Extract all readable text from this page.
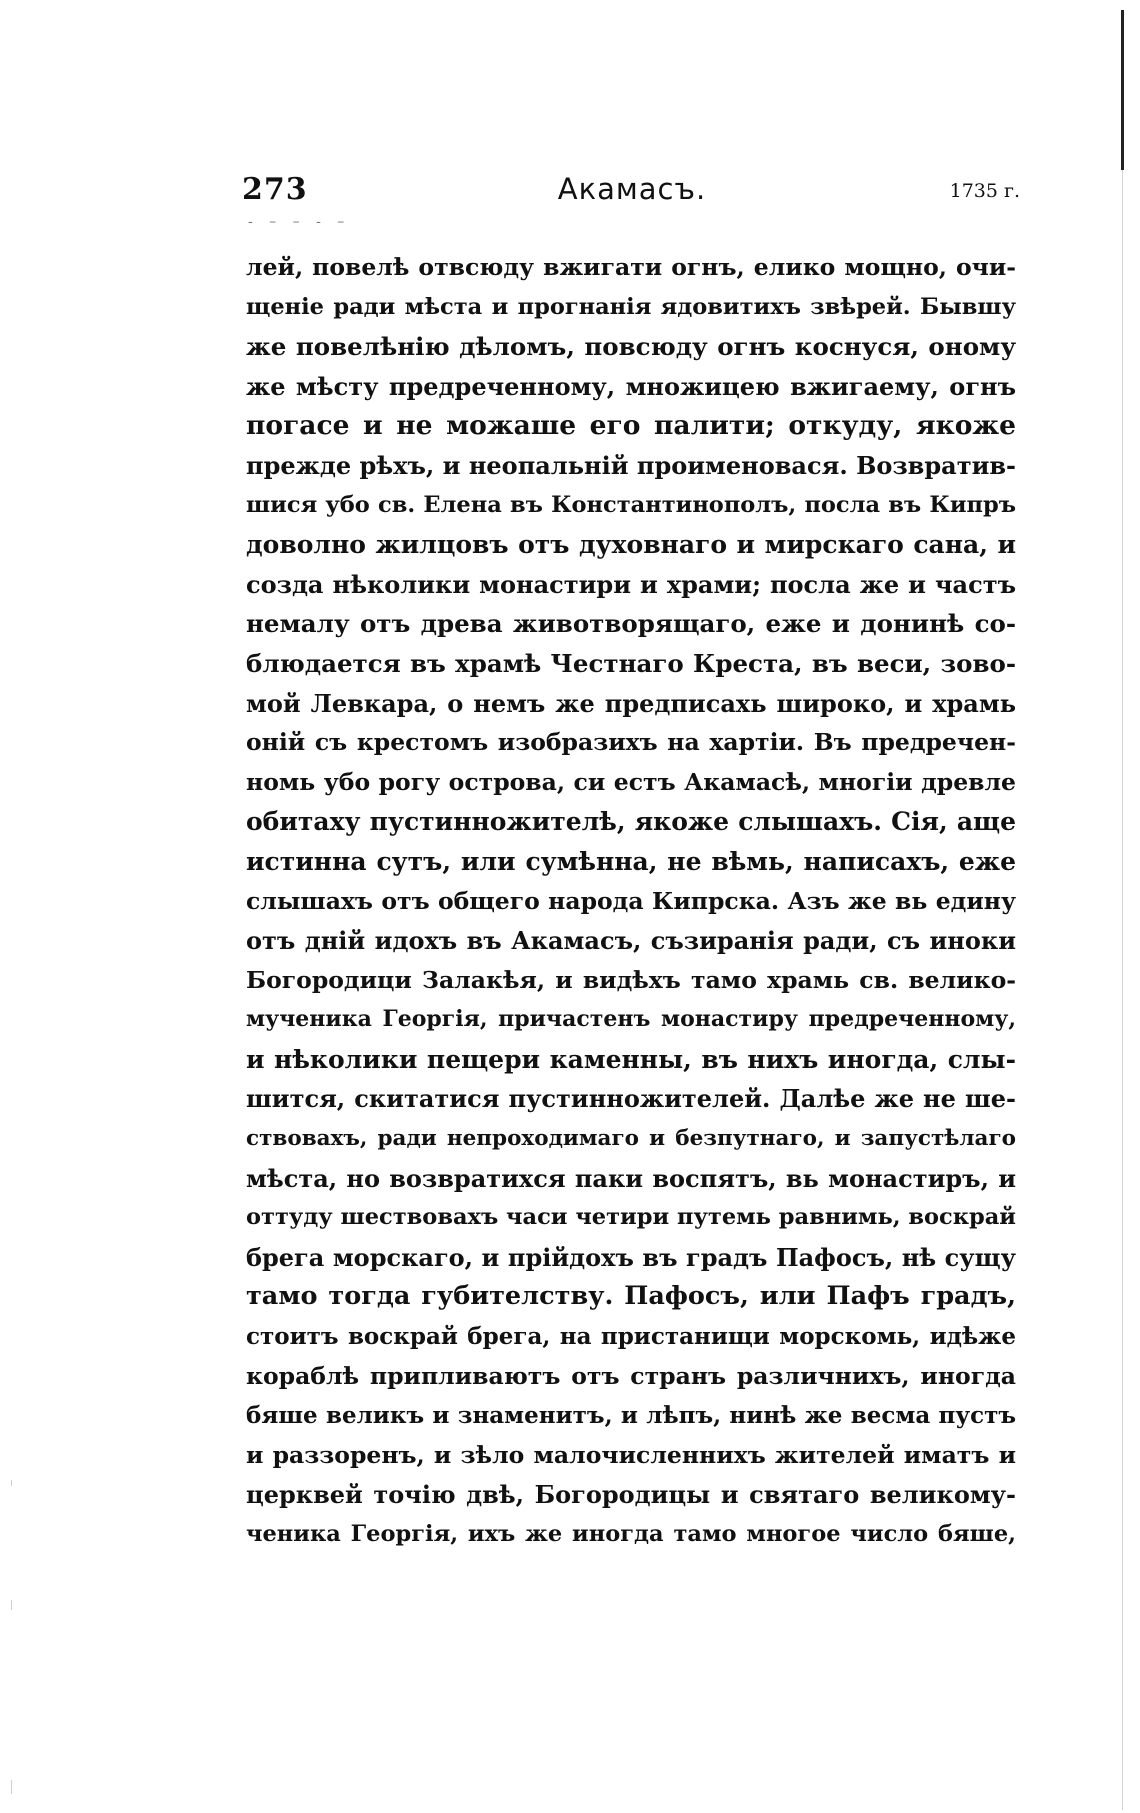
273	Акамасъ.	1735 г.
- – – - –
лей, повелѣ отвсюду вжигати огнъ, елико мощно, очи-
щеніе ради мѣста и прогнанія ядовитихъ звѣрей. Бывшу
же повелѣнію дѣломъ, повсюду огнъ коснуся, оному
же мѣсту предреченному, множицею вжигаему, огнъ
погасе и не можаше его палити; откуду, якоже
прежде рѣхъ, и неопальній проименовася. Возвратив-
шися убо св. Елена въ Константинополъ, посла въ Кипръ
доволно жилцовъ отъ духовнаго и мирскаго сана, и
созда нѣколики монастири и храми; посла же и частъ
немалу отъ древа животворящаго, еже и донинѣ со-
блюдается въ храмѣ Честнаго Креста, въ веси, зово-
мой Левкара, о немъ же предписахь широко, и храмь
оній съ крестомъ изобразихъ на хартіи. Въ предречен-
номь убо рогу острова, си естъ Акамасѣ, многіи древле
обитаху пустинножителѣ, якоже слышахъ. Сія, аще
истинна сутъ, или сумѣнна, не вѣмь, написахъ, еже
слышахъ отъ общего народа Кипрска. Азъ же вь едину
отъ дній идохъ въ Акамасъ, съзиранія ради, съ иноки
Богородици Залакѣя, и видѣхъ тамо храмь св. велико-
мученика Георгія, причастенъ монастиру предреченному,
и нѣколики пещери каменны, въ нихъ иногда, слы-
шится, скитатися пустинножителей. Далѣе же не ше-
ствовахъ, ради непроходимаго и безпутнаго, и запустѣлаго
мѣста, но возвратихся паки воспятъ, вь монастиръ, и
оттуду шествовахъ часи четири путемь равнимь, воскрай
брега морскаго, и прійдохъ въ градъ Пафосъ, нѣ сущу
тамо тогда губителству. Пафосъ, или Пафъ градъ,
стоитъ воскрай брега, на пристанищи морскомь, идѣже
кораблѣ припливаютъ отъ странъ различнихъ, иногда
бяше великъ и знаменитъ, и лѣпъ, нинѣ же весма пустъ
и раззоренъ, и зѣло малочисленнихъ жителей иматъ и
церквей точію двѣ, Богородицы и святаго великому-
ченика Георгія, ихъ же иногда тамо многое число бяше,
